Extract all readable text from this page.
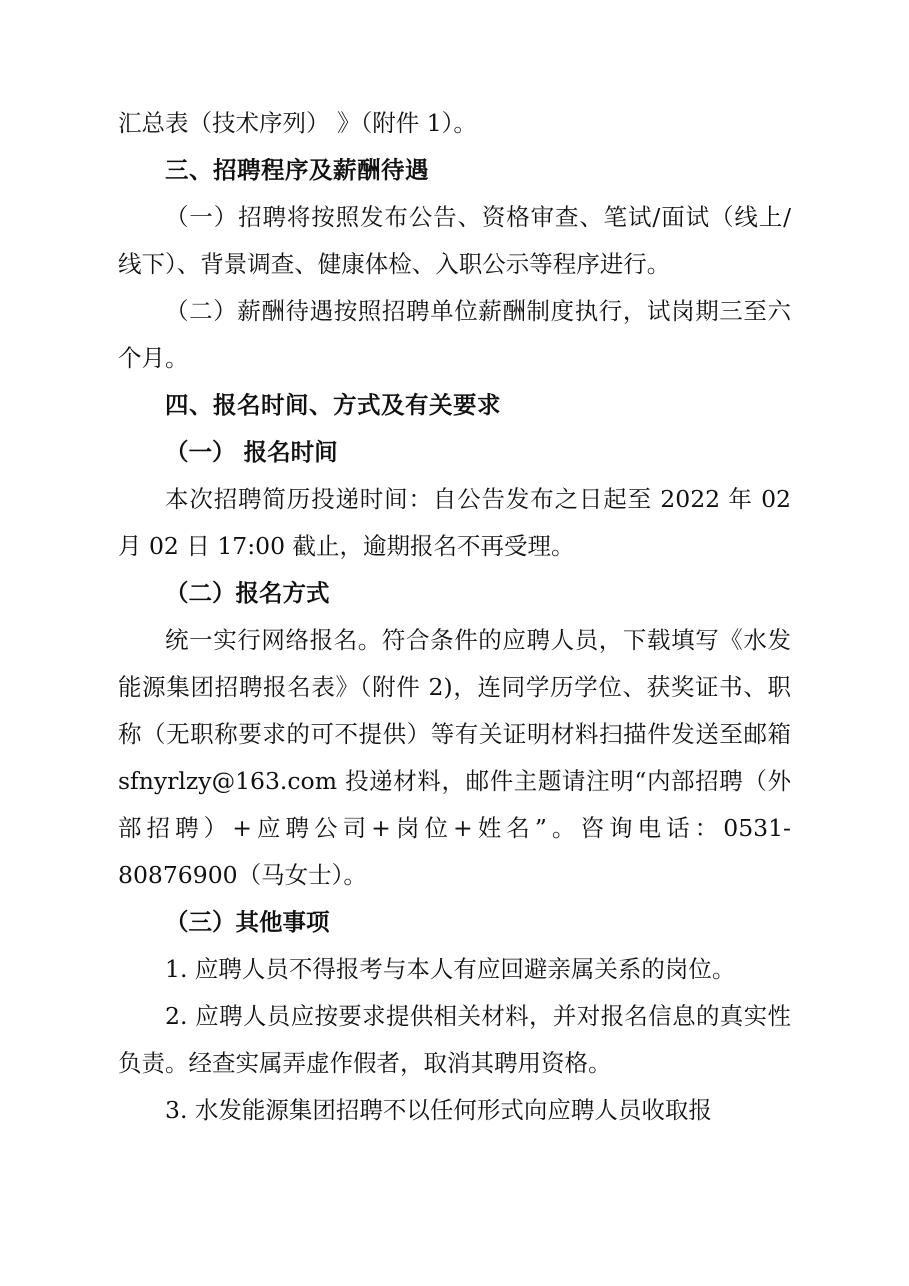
汇总表（技术序列） 》（附件 1）。

三、招聘程序及薪酬待遇

（一）招聘将按照发布公告、资格审查、笔试/面试（线上/线下）、背景调查、健康体检、入职公示等程序进行。

（二）薪酬待遇按照招聘单位薪酬制度执行，试岗期三至六个月。

四、报名时间、方式及有关要求

（一） 报名时间

本次招聘简历投递时间：自公告发布之日起至 2022 年 02 月 02 日 17:00 截止，逾期报名不再受理。

（二）报名方式

统一实行网络报名。符合条件的应聘人员，下载填写《水发能源集团招聘报名表》（附件 2)，连同学历学位、获奖证书、职称（无职称要求的可不提供）等有关证明材料扫描件发送至邮箱 sfnyrlzy@163.com 投递材料，邮件主题请注明“内部招聘（外部招聘）+应聘公司+岗位+姓名”。咨询电话：0531-80876900（马女士）。

（三）其他事项

1. 应聘人员不得报考与本人有应回避亲属关系的岗位。

2. 应聘人员应按要求提供相关材料，并对报名信息的真实性负责。经查实属弄虚作假者，取消其聘用资格。

3. 水发能源集团招聘不以任何形式向应聘人员收取报
